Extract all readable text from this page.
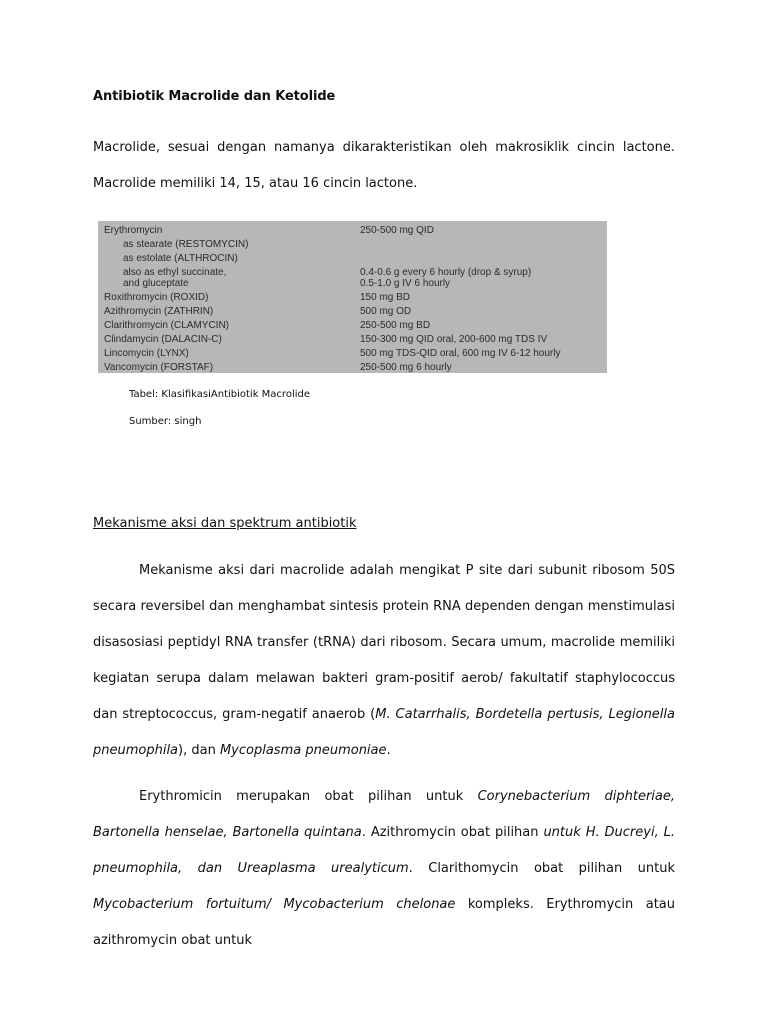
Antibiotik Macrolide dan Ketolide

Macrolide, sesuai dengan namanya dikarakteristikan oleh makrosiklik cincin lactone. Macrolide memiliki 14, 15, atau 16 cincin lactone.

Erythromycin	250-500 mg QID
as stearate (RESTOMYCIN)
as estolate (ALTHROCIN)
also as ethyl succinate,	0.4-0.6 g every 6 hourly (drop & syrup)
and gluceptate	0.5-1.0 g IV 6 hourly
Roxithromycin (ROXID)	150 mg BD
Azithromycin (ZATHRIN)	500 mg OD
Clarithromycin (CLAMYCIN)	250-500 mg BD
Clindamycin (DALACIN-C)	150-300 mg QID oral, 200-600 mg TDS IV
Lincomycin (LYNX)	500 mg TDS-QID oral, 600 mg IV 6-12 hourly
Vancomycin (FORSTAF)	250-500 mg 6 hourly
Tabel: KlasifikasiAntibiotik Macrolide
Sumber: singh
Mekanisme aksi dan spektrum antibiotik

Mekanisme aksi dari macrolide adalah mengikat P site dari subunit ribosom 50S secara reversibel dan menghambat sintesis protein RNA dependen dengan menstimulasi disasosiasi peptidyl RNA transfer (tRNA) dari ribosom. Secara umum, macrolide memiliki kegiatan serupa dalam melawan bakteri gram-positif aerob/ fakultatif staphylococcus dan streptococcus, gram-negatif anaerob (M. Catarrhalis, Bordetella pertusis, Legionella pneumophila), dan Mycoplasma pneumoniae.

Erythromicin merupakan obat pilihan untuk Corynebacterium diphteriae, Bartonella henselae, Bartonella quintana. Azithromycin obat pilihan untuk H. Ducreyi, L. pneumophila, dan Ureaplasma urealyticum. Clarithomycin obat pilihan untuk Mycobacterium fortuitum/ Mycobacterium chelonae kompleks. Erythromycin atau azithromycin obat untuk
